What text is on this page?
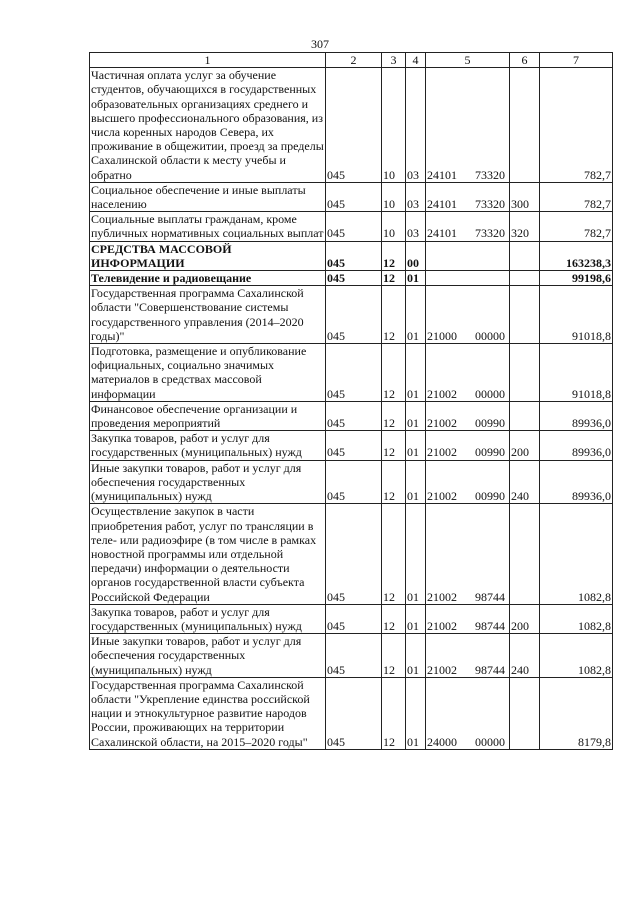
307
1	2	3	4	5	6	7
Частичная оплата услуг за обучение студентов, обучающихся в государственных образовательных организациях среднего и высшего профессионального образования, из числа коренных народов Севера, их проживание в общежитии, проезд за пределы Сахалинской области к месту учебы и обратно	045	10	03	24101 73320		782,7
Социальное обеспечение и иные выплаты населению	045	10	03	24101 73320	300	782,7
Социальные выплаты гражданам, кроме публичных нормативных социальных выплат	045	10	03	24101 73320	320	782,7
СРЕДСТВА МАССОВОЙ ИНФОРМАЦИИ	045	12	00			163238,3
Телевидение и радиовещание	045	12	01			99198,6
Государственная программа Сахалинской области "Совершенствование системы государственного управления (2014–2020 годы)"	045	12	01	21000 00000		91018,8
Подготовка, размещение и опубликование официальных, социально значимых материалов в средствах массовой информации	045	12	01	21002 00000		91018,8
Финансовое обеспечение организации и проведения мероприятий	045	12	01	21002 00990		89936,0
Закупка товаров, работ и услуг для государственных (муниципальных) нужд	045	12	01	21002 00990	200	89936,0
Иные закупки товаров, работ и услуг для обеспечения государственных (муниципальных) нужд	045	12	01	21002 00990	240	89936,0
Осуществление закупок в части приобретения работ, услуг по трансляции в теле- или радиоэфире (в том числе в рамках новостной программы или отдельной передачи) информации о деятельности органов государственной власти субъекта Российской Федерации	045	12	01	21002 98744		1082,8
Закупка товаров, работ и услуг для государственных (муниципальных) нужд	045	12	01	21002 98744	200	1082,8
Иные закупки товаров, работ и услуг для обеспечения государственных (муниципальных) нужд	045	12	01	21002 98744	240	1082,8
Государственная программа Сахалинской области "Укрепление единства российской нации и этнокультурное развитие народов России, проживающих на территории Сахалинской области, на 2015–2020 годы"	045	12	01	24000 00000		8179,8
